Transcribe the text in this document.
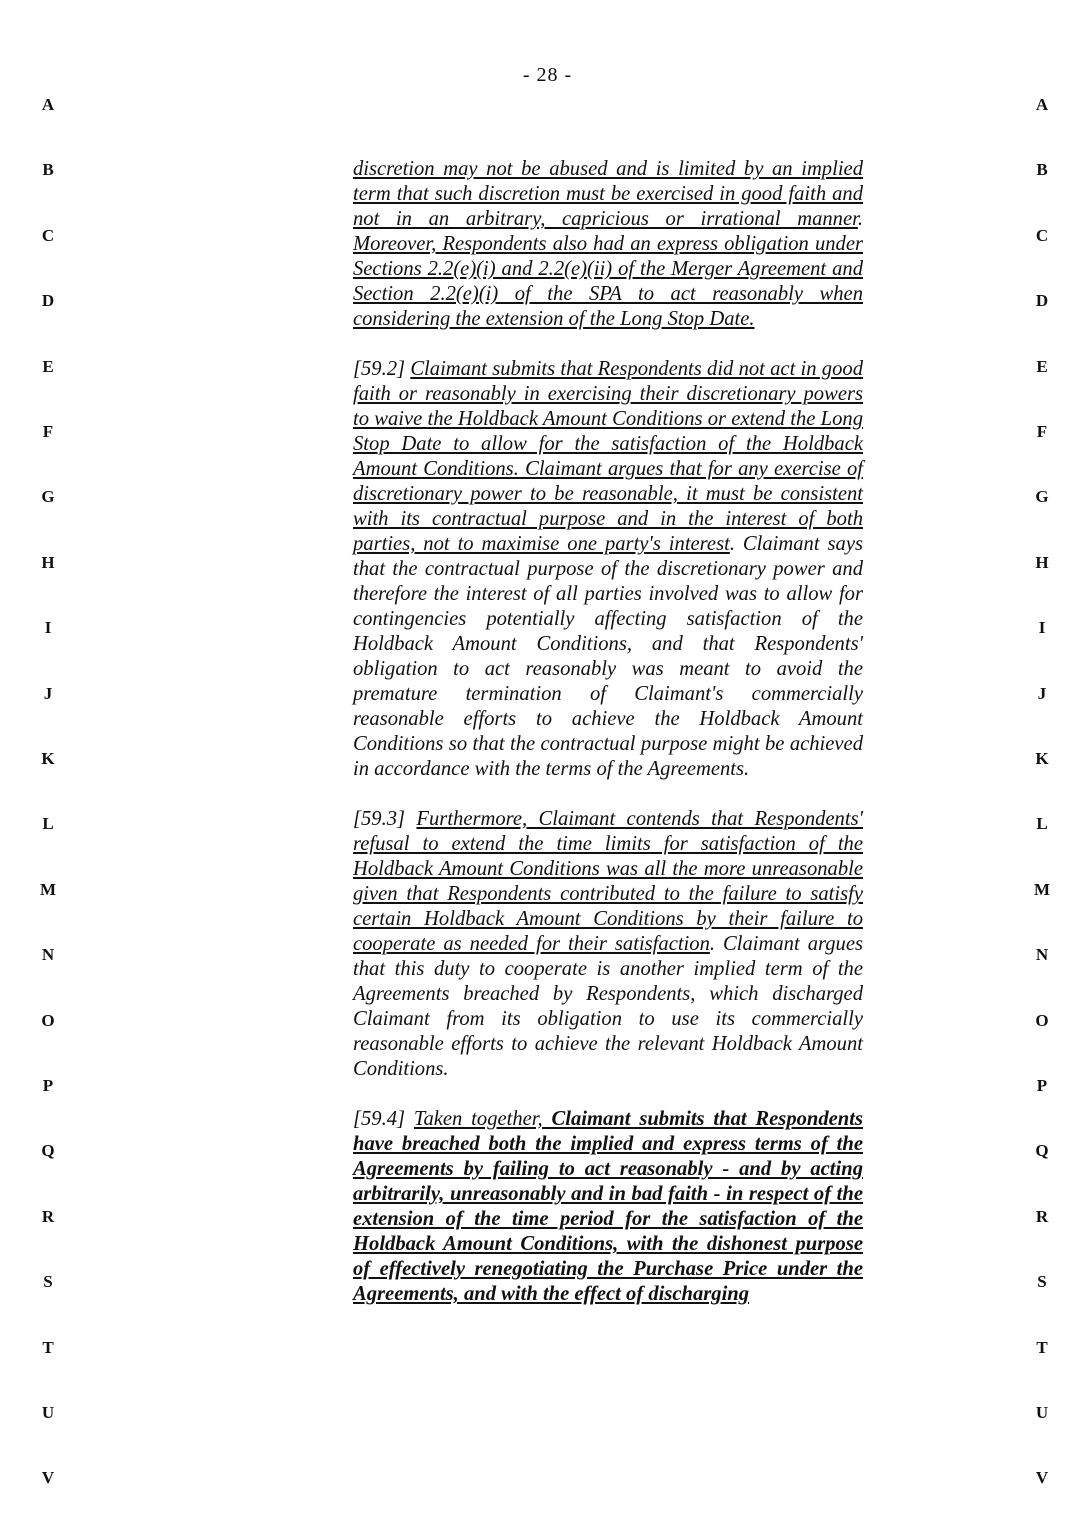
- 28 -
A
B
C
D
E
F
G
H
I
J
K
L
M
N
O
P
Q
R
S
T
U
V
A
B
C
D
E
F
G
H
I
J
K
L
M
N
O
P
Q
R
S
T
U
V

discretion may not be abused and is limited by an implied term that such discretion must be exercised in good faith and not in an arbitrary, capricious or irrational manner. Moreover, Respondents also had an express obligation under Sections 2.2(e)(i) and 2.2(e)(ii) of the Merger Agreement and Section 2.2(e)(i) of the SPA to act reasonably when considering the extension of the Long Stop Date.

[59.2] Claimant submits that Respondents did not act in good faith or reasonably in exercising their discretionary powers to waive the Holdback Amount Conditions or extend the Long Stop Date to allow for the satisfaction of the Holdback Amount Conditions. Claimant argues that for any exercise of discretionary power to be reasonable, it must be consistent with its contractual purpose and in the interest of both parties, not to maximise one party's interest. Claimant says that the contractual purpose of the discretionary power and therefore the interest of all parties involved was to allow for contingencies potentially affecting satisfaction of the Holdback Amount Conditions, and that Respondents' obligation to act reasonably was meant to avoid the premature termination of Claimant's commercially reasonable efforts to achieve the Holdback Amount Conditions so that the contractual purpose might be achieved in accordance with the terms of the Agreements.

[59.3] Furthermore, Claimant contends that Respondents' refusal to extend the time limits for satisfaction of the Holdback Amount Conditions was all the more unreasonable given that Respondents contributed to the failure to satisfy certain Holdback Amount Conditions by their failure to cooperate as needed for their satisfaction. Claimant argues that this duty to cooperate is another implied term of the Agreements breached by Respondents, which discharged Claimant from its obligation to use its commercially reasonable efforts to achieve the relevant Holdback Amount Conditions.

[59.4] Taken together, Claimant submits that Respondents have breached both the implied and express terms of the Agreements by failing to act reasonably - and by acting arbitrarily, unreasonably and in bad faith - in respect of the extension of the time period for the satisfaction of the Holdback Amount Conditions, with the dishonest purpose of effectively renegotiating the Purchase Price under the Agreements, and with the effect of discharging
